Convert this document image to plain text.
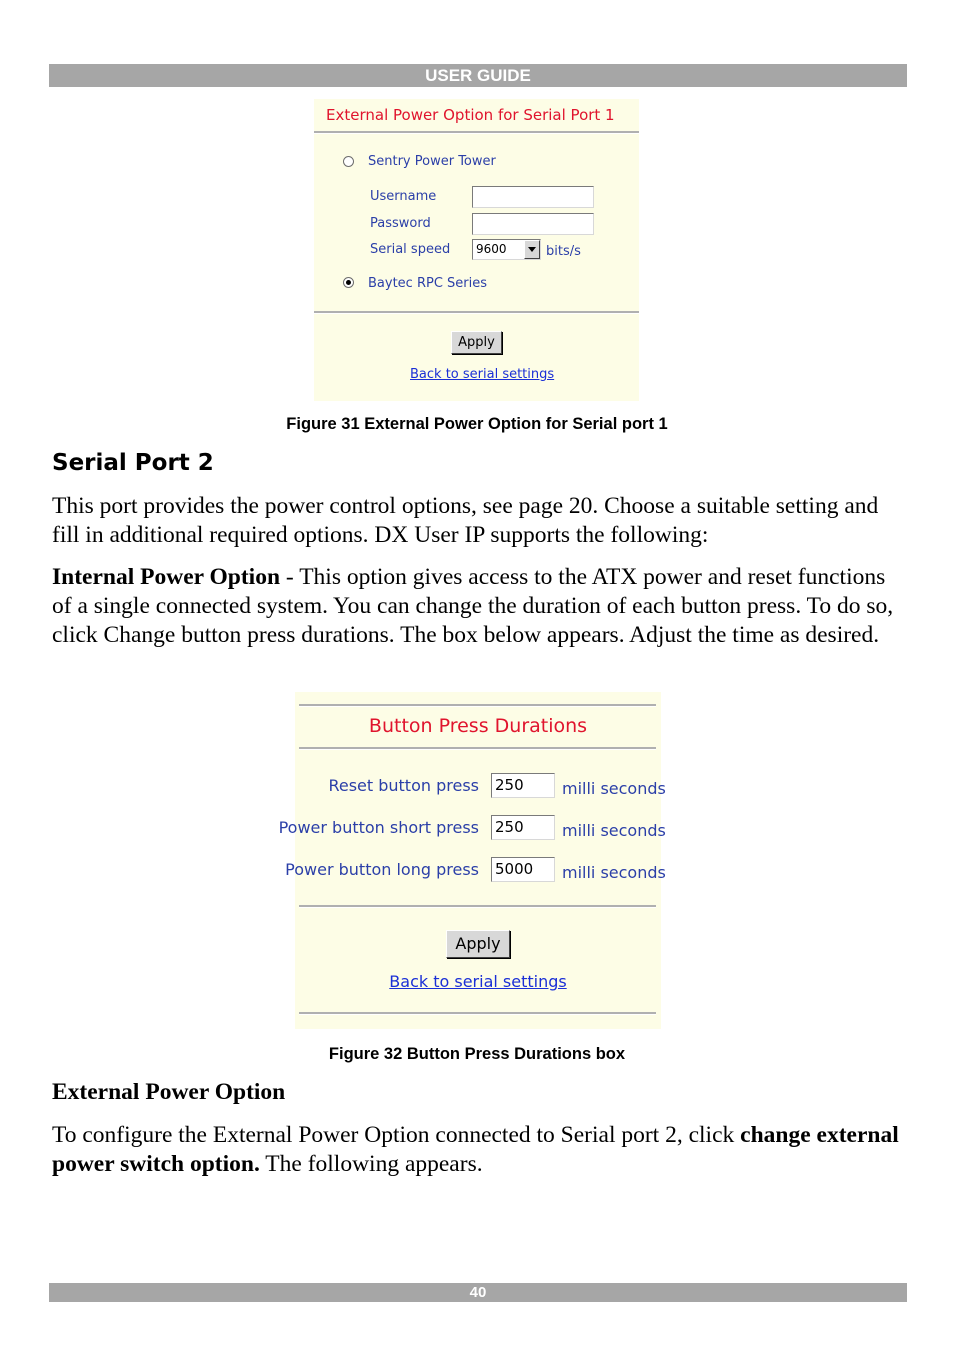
USER GUIDE
External Power Option for Serial Port 1
Sentry Power Tower
Username
Password
Serial speed	9600	bits/s
Baytec RPC Series
Apply
Back to serial settings
Figure 31 External Power Option for Serial port 1
Serial Port 2
This port provides the power control options, see page 20. Choose a suitable setting and fill in additional required options. DX User IP supports the following:
Internal Power Option - This option gives access to the ATX power and reset functions of a single connected system. You can change the duration of each button press. To do so, click Change button press durations. The box below appears. Adjust the time as desired.
Button Press Durations
Reset button press 250	milli seconds
Power button short press 250	milli seconds
Power button long press 5000	milli seconds
Apply
Back to serial settings
Figure 32 Button Press Durations box
External Power Option
To configure the External Power Option connected to Serial port 2, click change external power switch option. The following appears.
40
